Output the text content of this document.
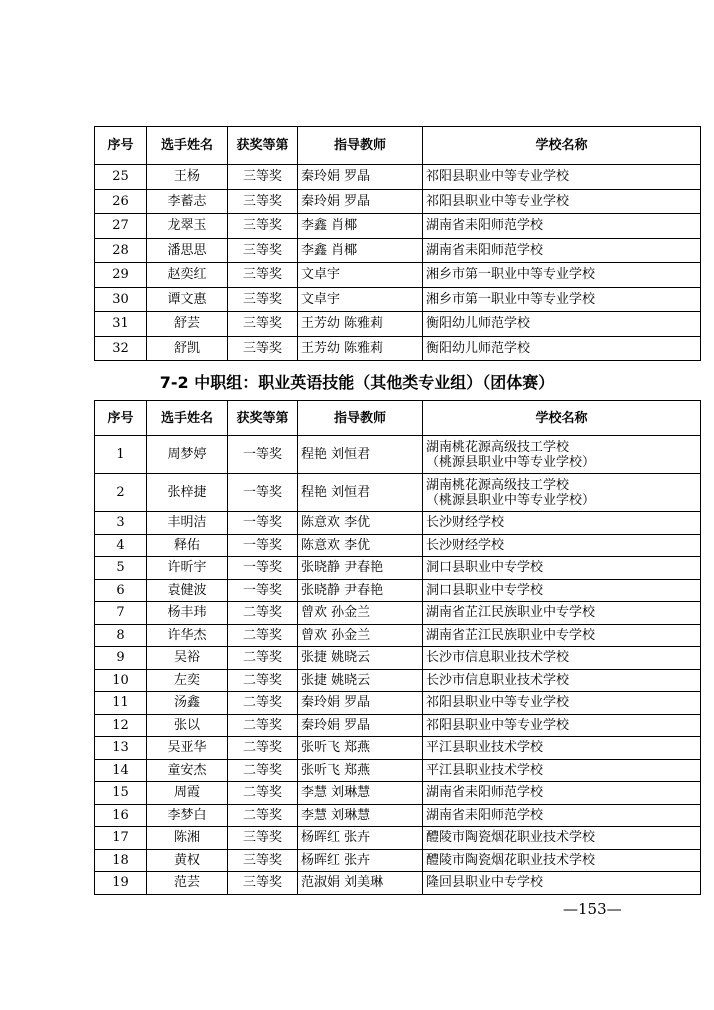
序号	选手姓名	获奖等第	指导教师	学校名称
25	王杨	三等奖	秦玲娟 罗晶	祁阳县职业中等专业学校
26	李蓄志	三等奖	秦玲娟 罗晶	祁阳县职业中等专业学校
27	龙翠玉	三等奖	李鑫 肖椰	湖南省耒阳师范学校
28	潘思思	三等奖	李鑫 肖椰	湖南省耒阳师范学校
29	赵奕红	三等奖	文卓宇	湘乡市第一职业中等专业学校
30	谭文惠	三等奖	文卓宇	湘乡市第一职业中等专业学校
31	舒芸	三等奖	王芳幼 陈雅莉	衡阳幼儿师范学校
32	舒凯	三等奖	王芳幼 陈雅莉	衡阳幼儿师范学校
7-2 中职组：职业英语技能（其他类专业组）（团体赛）
序号	选手姓名	获奖等第	指导教师	学校名称
1	周梦婷	一等奖	程艳 刘恒君	湖南桃花源高级技工学校
（桃源县职业中等专业学校）
2	张梓捷	一等奖	程艳 刘恒君	湖南桃花源高级技工学校
（桃源县职业中等专业学校）
3	丰明洁	一等奖	陈意欢 李优	长沙财经学校
4	释佑	一等奖	陈意欢 李优	长沙财经学校
5	许昕宇	一等奖	张晓静 尹春艳	洞口县职业中专学校
6	袁健波	一等奖	张晓静 尹春艳	洞口县职业中专学校
7	杨丰玮	二等奖	曾欢 孙金兰	湖南省芷江民族职业中专学校
8	许华杰	二等奖	曾欢 孙金兰	湖南省芷江民族职业中专学校
9	吴裕	二等奖	张捷 姚晓云	长沙市信息职业技术学校
10	左奕	二等奖	张捷 姚晓云	长沙市信息职业技术学校
11	汤鑫	二等奖	秦玲娟 罗晶	祁阳县职业中等专业学校
12	张以	二等奖	秦玲娟 罗晶	祁阳县职业中等专业学校
13	吴亚华	二等奖	张听飞 郑燕	平江县职业技术学校
14	童安杰	二等奖	张听飞 郑燕	平江县职业技术学校
15	周霞	二等奖	李慧 刘琳慧	湖南省耒阳师范学校
16	李梦白	二等奖	李慧 刘琳慧	湖南省耒阳师范学校
17	陈湘	三等奖	杨晖红 张卉	醴陵市陶瓷烟花职业技术学校
18	黄权	三等奖	杨晖红 张卉	醴陵市陶瓷烟花职业技术学校
19	范芸	三等奖	范淑娟 刘美琳	隆回县职业中专学校
—153—
